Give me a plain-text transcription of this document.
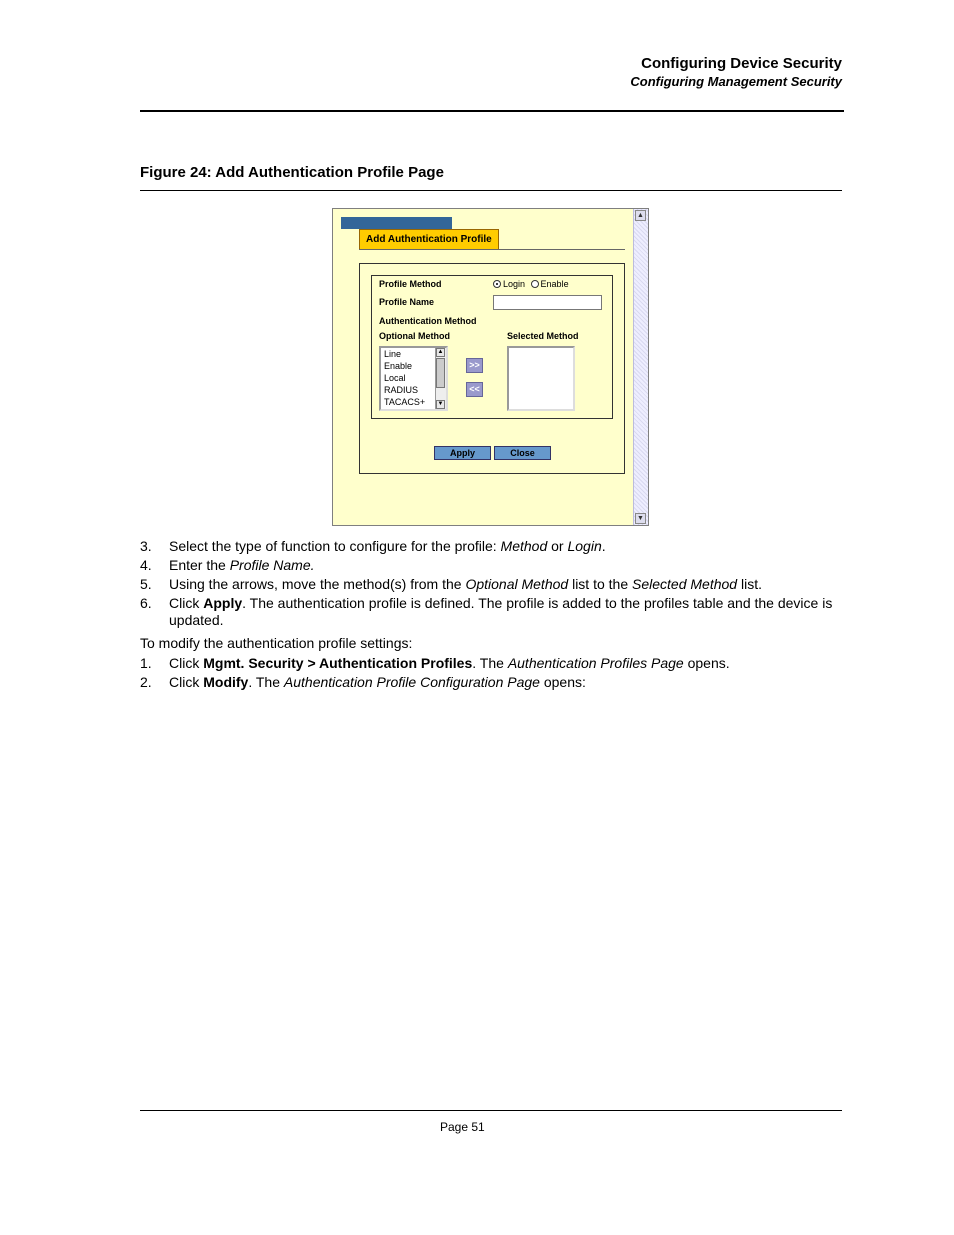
Configuring Device Security
Configuring Management Security
Figure 24: Add Authentication Profile Page
Add Authentication Profile
Profile Method	Login Enable
Profile Name
Authentication Method
Optional Method	Selected Method
Line
Enable
Local
RADIUS
TACACS+
▲
▼
>>
<<
Apply	Close
▲
▼
3. Select the type of function to configure for the profile: Method or Login.
4. Enter the Profile Name.
5. Using the arrows, move the method(s) from the Optional Method list to the Selected Method list.
6. Click Apply. The authentication profile is defined. The profile is added to the profiles table and the device is updated.
To modify the authentication profile settings:
1. Click Mgmt. Security > Authentication Profiles. The Authentication Profiles Page opens.
2. Click Modify. The Authentication Profile Configuration Page opens:
Page 51
